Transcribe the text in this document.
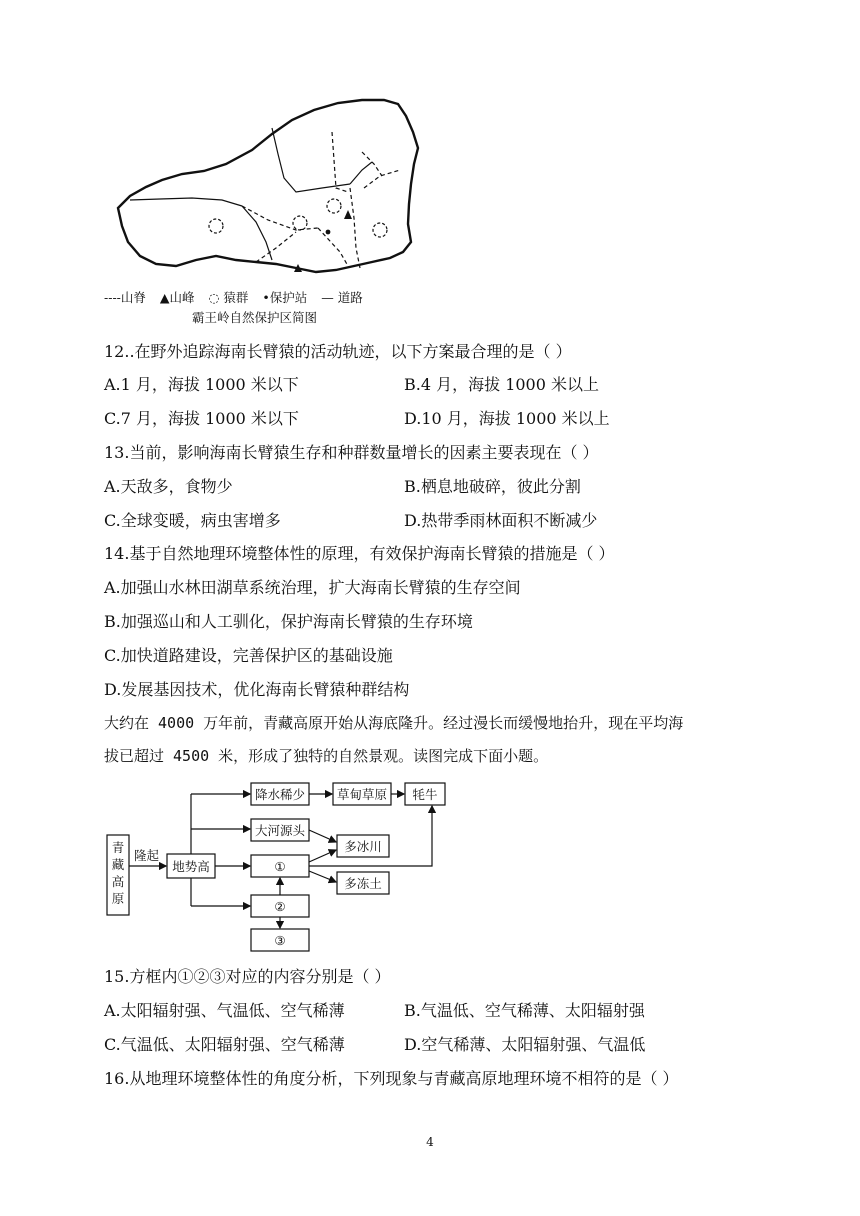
----山脊 ▲山峰 ◌ 猿群 •保护站 — 道路
霸王岭自然保护区简图
12..在野外追踪海南长臂猿的活动轨迹，以下方案最合理的是（ ）
A.1 月，海拔 1000 米以下	B.4 月，海拔 1000 米以上
C.7 月，海拔 1000 米以下	D.10 月，海拔 1000 米以上
13.当前，影响海南长臂猿生存和种群数量增长的因素主要表现在（ ）
A.天敌多，食物少	B.栖息地破碎，彼此分割
C.全球变暖，病虫害增多	D.热带季雨林面积不断减少
14.基于自然地理环境整体性的原理，有效保护海南长臂猿的措施是（ ）
A.加强山水林田湖草系统治理，扩大海南长臂猿的生存空间
B.加强巡山和人工驯化，保护海南长臂猿的生存环境
C.加快道路建设，完善保护区的基础设施
D.发展基因技术，优化海南长臂猿种群结构
大约在 4000 万年前，青藏高原开始从海底隆升。经过漫长而缓慢地抬升，现在平均海
拔已超过 4500 米，形成了独特的自然景观。读图完成下面小题。
青
藏
高
原
隆起
地势高
降水稀少	草甸草原 牦牛
大河源头
多冰川
①
多冻土
②
③
15.方框内①②③对应的内容分别是（ ）
A.太阳辐射强、气温低、空气稀薄	B.气温低、空气稀薄、太阳辐射强
C.气温低、太阳辐射强、空气稀薄	D.空气稀薄、太阳辐射强、气温低
16.从地理环境整体性的角度分析，下列现象与青藏高原地理环境不相符的是（ ）
4
